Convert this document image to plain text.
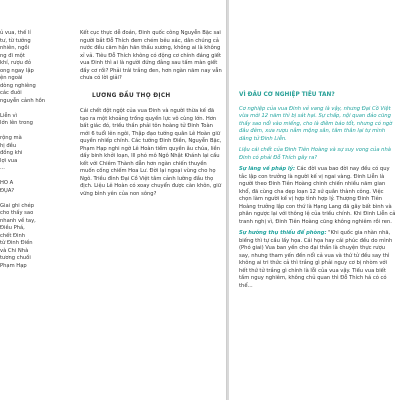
ủ vua, thế lí
tư, từ tướng
nhiên, ngồi
ng đi một
khí, rượu đỏ
ong ngay lập
ện ngoài
dòng nghiêng
các đuôi
nguyễn cảnh hồn

Liễn vì
lớn lên trong

rộng mà
hị đều
đồng khi
lợi vua
...

HO A
ĐỤA?

Giai ghi chép
cho thấy sao
nhanh về tay,
Điều Phá,
chết Đinh
từ Đinh Điền
và Chi Nhà
tương chuồi
Phạm Hạp

Kết cục thực dễ đoán, Đinh quốc công Nguyễn Bặc sai người bắt Đỗ Thích đem chém bêu xác, dân chúng cả nước đều căm hận hăn thấu xương, không ai là không xỉ vả. Tiêu Đỗ Thích không có động cơ chính đáng giết vua Đinh thì ai là người đứng đằng sau tấm màn giết đầy cơ rồi? Phải trái trắng đen, hơn ngàn năm nay vẫn chưa có lời giải?

LƯƠNG ĐẦU THỌ ĐỊCH

Cái chết đột ngột của vua Đinh và người thừa kế đã tạo ra một khoảng trống quyền lực vô cùng lớn. Hơn bất giác đó, triều thần phải tôn hoàng tử Đinh Toàn mới 6 tuổi lên ngôi, Thập đạo tướng quân Lê Hoàn giữ quyền nhiếp chính. Các tướng Đinh Điền, Nguyễn Bặc, Phạm Hạp nghi ngờ Lê Hoàn tiếm quyền âu chúa, liền dấy binh khởi loạn, Ill phó mô Ngô Nhật Khánh lại cấu kết với Chiêm Thành dẫn hơn ngàn chiến thuyền muốn cống chiếm Hoa Lư. Đời lại ngoại vùng cho họ Ngô. Triều đình Đại Cồ Việt tâm cảnh lường đầu thọ địch. Liệu Lê Hoàn có xoay chuyển được càn khôn, giữ vững bình yên của non sông?

VÌ ĐÂU CƠ NGHIỆP TIÊU TAN?

Cơ nghiệp của vua Đinh vẻ vang là vậy, nhưng Đại Cồ Việt vừa mới 12 năm thì bị sát hại. Sự chấp, nội quan đảo cũng thấy sao nổi vào miếng, cho là điềm báo tốt, nhưng có ngờ đâu đêm, xưa rượu nằm mộng sân, tâm thân lại tự mình dâng tử Đinh Liễn.

Liệu cái chết của Đinh Tiên Hoàng và sự suy vong của nhà Đinh có phải Đỗ Thích gây ra?

Sự lãng về pháp lý: Các đời vua bao đời nay đều có quy tắc lập con trưởng là người kế vị ngai vàng. Đinh Liễn là người theo Đinh Tiên Hoàng chinh chiến nhiều năm gian khổ, đã cùng cha dẹp loạn 12 sứ quân thành công. Việc chọn làm người kế vị hợp tình hợp lý. Thượng Đinh Tiên Hoàng trưởng lập con thứ là Hạng Lang đã gây bất bình và phân ngược lại với thông lệ của triều chính. Khi Đinh Liễn cả tranh nghị vì, Đinh Tiên Hoàng cũng không nghiêm rồi ren.

Sự hướng thụ thiếu để phòng: "Khi quốc gia nhàn nhã, biếng thì tự cầu lấy họa. Cái họa hay cái phúc đều do mình (Phó giai) Vua ban yến cho đại thần là chuyện thực rượu say, nhưng tham yến đến nổi cả vua và thứ tử đều say thì không ai tri thức cả thì trắng gì phải nguy cơ bị nhòm với hết thứ tử trắng gì chính là lỗi của vua vậy. Tiếu vua biết tầm nguy nghiêm, không chủ quan thì Đỗ Thích há có có thể…
